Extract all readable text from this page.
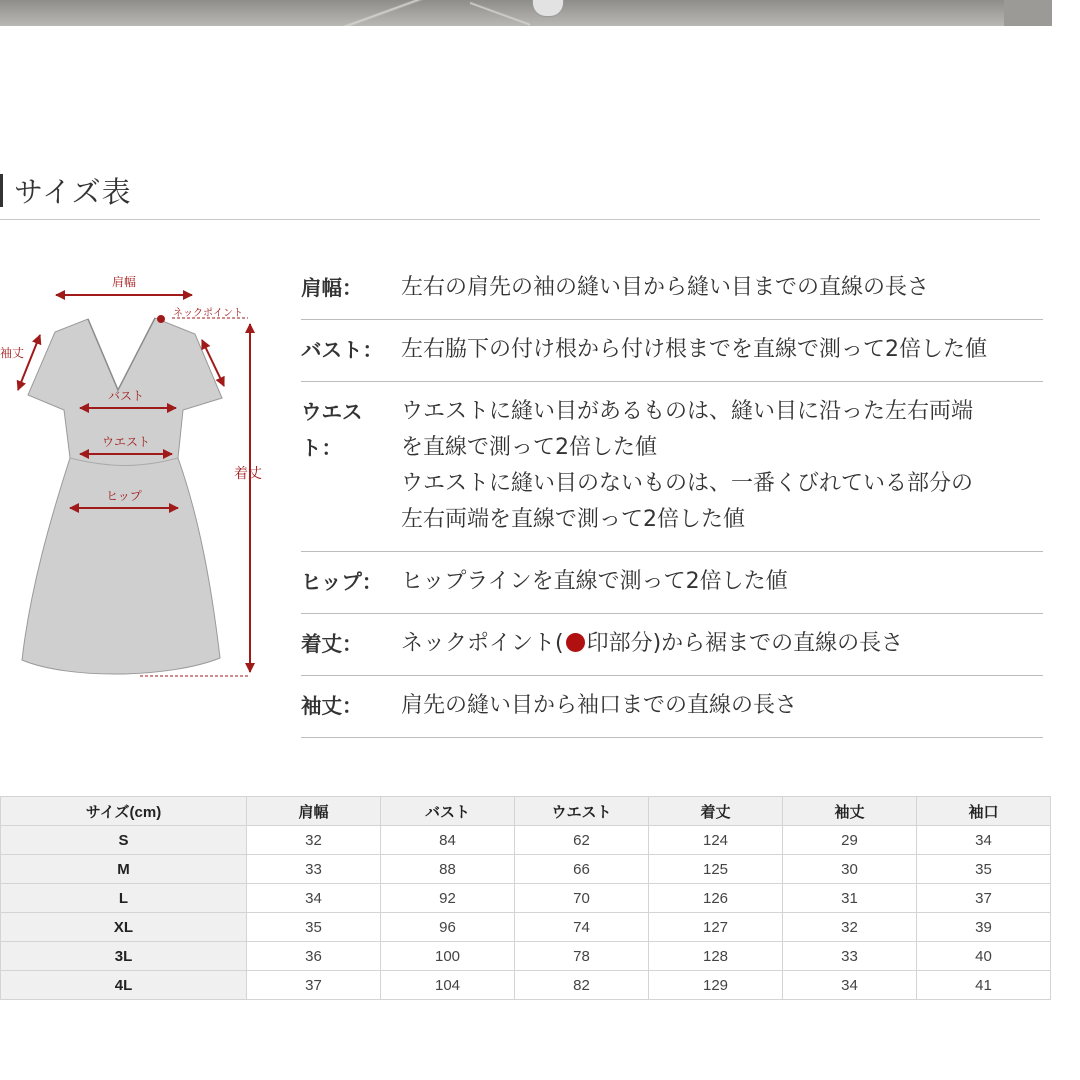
サイズ表
肩幅
ネックポイント
袖丈
バスト
ウエスト
ヒップ
着丈
肩幅：	左右の肩先の袖の縫い目から縫い目までの直線の長さ
バスト： 左右脇下の付け根から付け根までを直線で測って2倍した値
ウエスト：
ウエストに縫い目があるものは、縫い目に沿った左右両端
を直線で測って2倍した値
ウエストに縫い目のないものは、一番くびれている部分の
左右両端を直線で測って2倍した値
ヒップ： ヒップラインを直線で測って2倍した値
着丈：	ネックポイント( 印部分)から裾までの直線の長さ
袖丈：	肩先の縫い目から袖口までの直線の長さ
サイズ(cm)	肩幅	バスト	ウエスト	着丈	袖丈	袖口
S	32	84	62	124	29	34
M	33	88	66	125	30	35
L	34	92	70	126	31	37
XL	35	96	74	127	32	39
3L	36	100	78	128	33	40
4L	37	104	82	129	34	41
